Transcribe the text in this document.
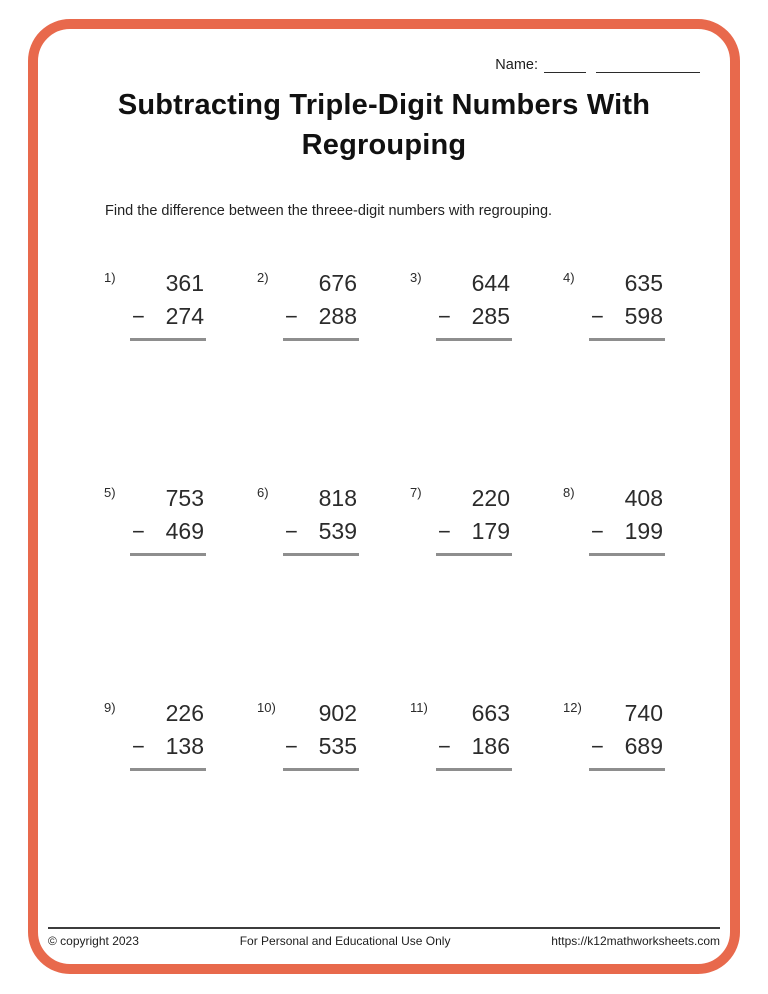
Name:
Subtracting Triple-Digit Numbers With
Regrouping
Find the difference between the threee-digit numbers with regrouping.
1)	361
− 274
2)	676
− 288
3)	644
− 285
4)	635
− 598
5)	753
− 469
6)	818
− 539
7)	220
− 179
8)	408
− 199
9)	226
− 138
10)	902
− 535
11)	663
− 186
12)	740
− 689
© copyright 2023	For Personal and Educational Use Only	https://k12mathworksheets.com
